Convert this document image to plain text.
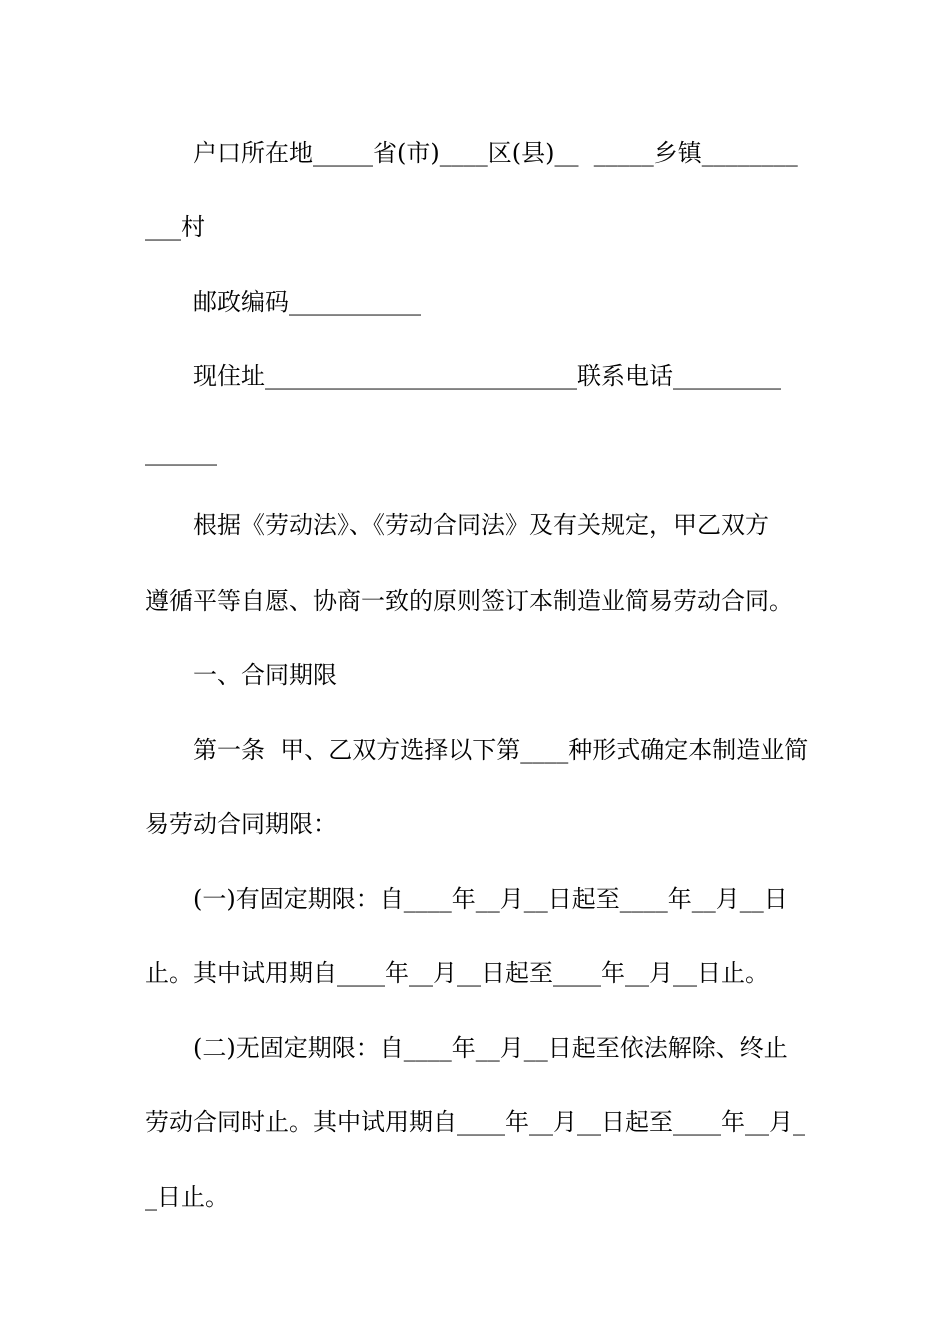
户口所在地_____省(市)____区(县)__  _____乡镇________
___村
邮政编码___________
现住址__________________________联系电话_________
______
根据《劳动法》、《劳动合同法》及有关规定，甲乙双方
遵循平等自愿、协商一致的原则签订本制造业简易劳动合同。
一、合同期限
第一条  甲、乙双方选择以下第____种形式确定本制造业简
易劳动合同期限：
(一)有固定期限：自____年__月__日起至____年__月__日
止。其中试用期自____年__月__日起至____年__月__日止。
(二)无固定期限：自____年__月__日起至依法解除、终止
劳动合同时止。其中试用期自____年__月__日起至____年__月_
_日止。
